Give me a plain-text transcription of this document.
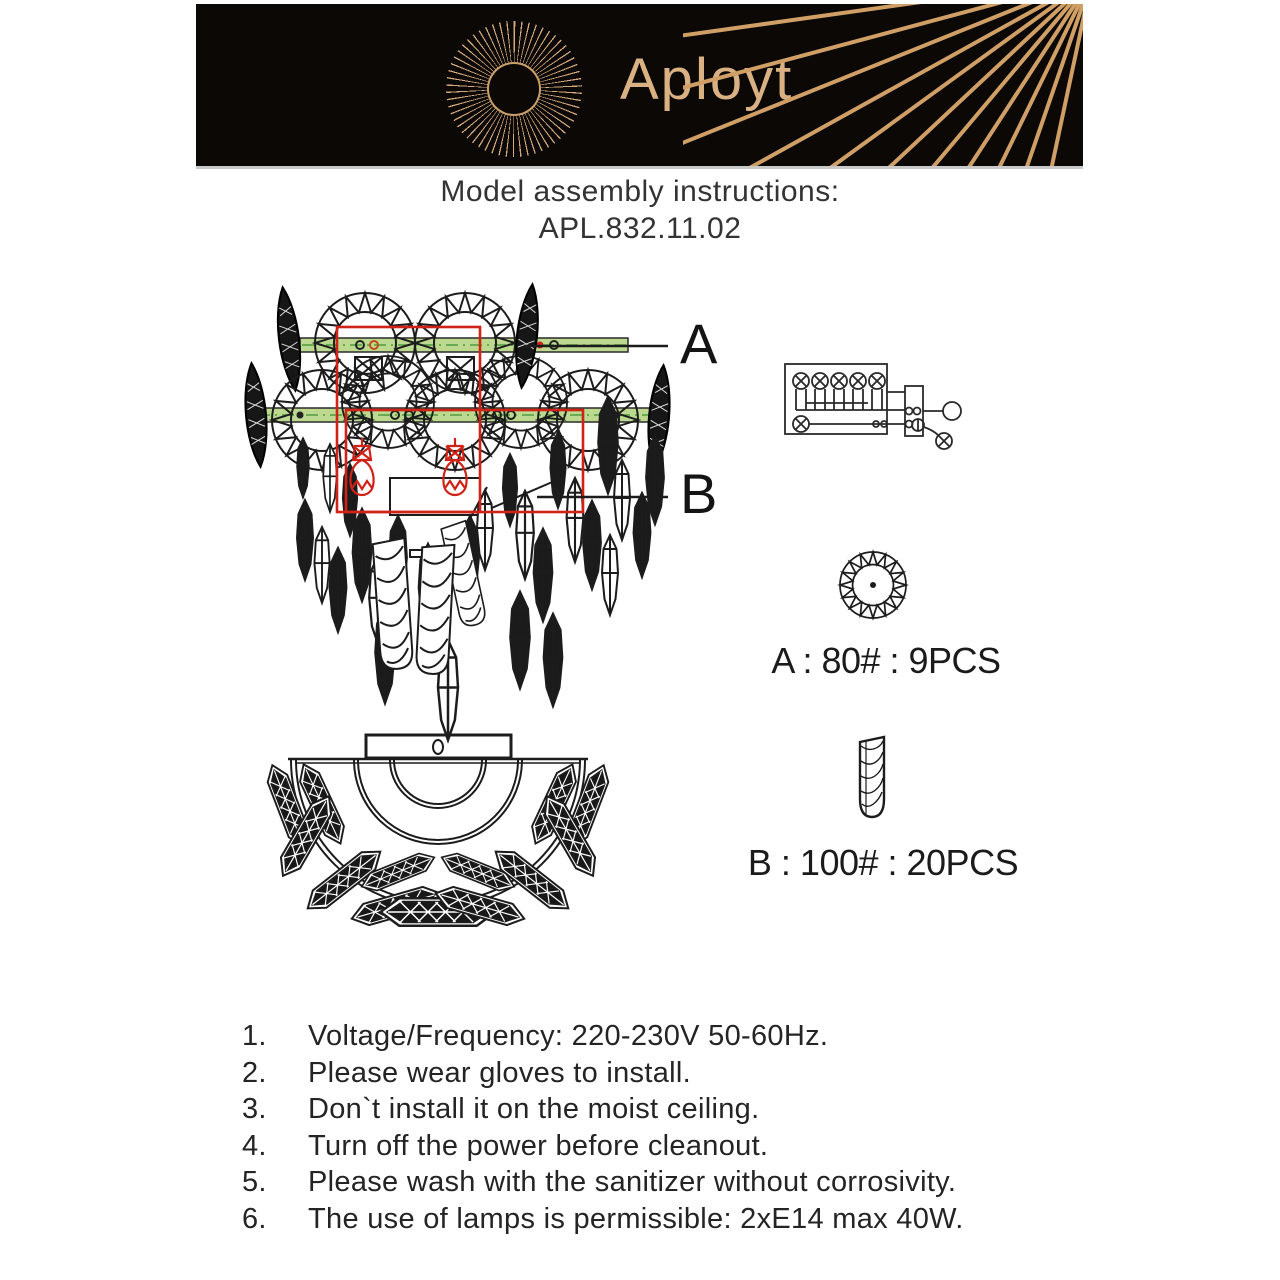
Aployt
Model assembly instructions:
APL.832.11.02
A
B
A : 80# : 9PCS
B : 100# : 20PCS
1.	Voltage/Frequency: 220-230V 50-60Hz.
2.	Please wear gloves to install.
3.	Don`t install it on the moist ceiling.
4.	Turn off the power before cleanout.
5.	Please wash with the sanitizer without corrosivity.
6.	The use of lamps is permissible: 2xE14 max 40W.
